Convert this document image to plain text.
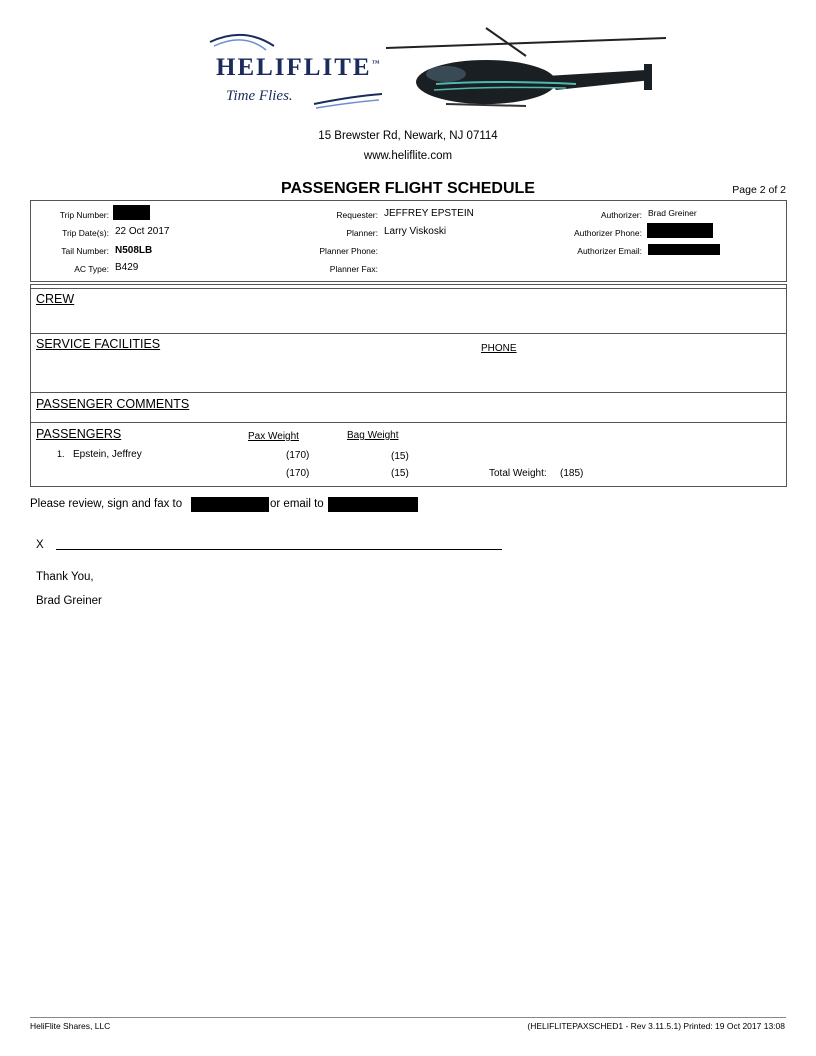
HELIFLITE™
Time Flies.
15 Brewster Rd, Newark, NJ 07114
www.heliflite.com
PASSENGER FLIGHT SCHEDULE	Page 2 of 2
Trip Number:
Trip Date(s): 22 Oct 2017
Tail Number: N508LB
AC Type: B429
Requester: JEFFREY EPSTEIN
Planner: Larry Viskoski
Planner Phone:
Planner Fax:
Authorizer: Brad Greiner
Authorizer Phone:
Authorizer Email:
CREW
SERVICE FACILITIES	PHONE
PASSENGER COMMENTS
PASSENGERS	Pax Weight	Bag Weight
1. Epstein, Jeffrey	(170)	(15)
(170)	(15)	Total Weight: (185)
Please review, sign and fax to	or email to
X
Thank You,
Brad Greiner
HeliFlite Shares, LLC	(HELIFLITEPAXSCHED1 - Rev 3.11.5.1) Printed: 19 Oct 2017 13:08
